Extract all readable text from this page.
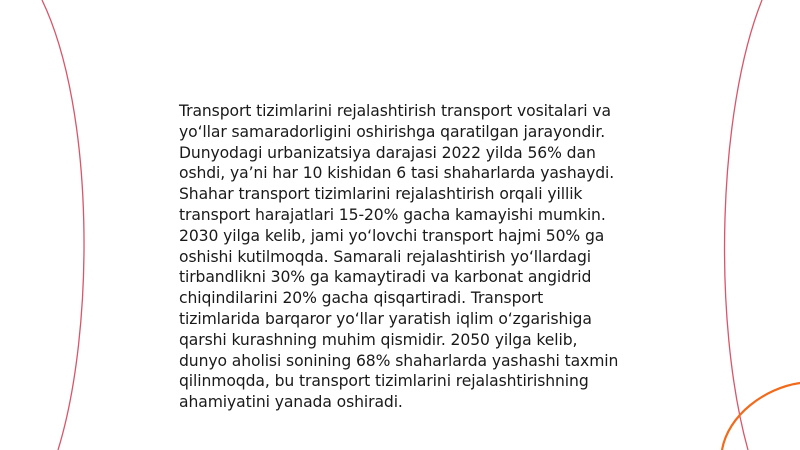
Transport tizimlarini rejalashtirish transport vositalari va yo‘llar samaradorligini oshirishga qaratilgan jarayondir. Dunyodagi urbanizatsiya darajasi 2022 yilda 56% dan oshdi, ya’ni har 10 kishidan 6 tasi shaharlarda yashaydi. Shahar transport tizimlarini rejalashtirish orqali yillik transport harajatlari 15-20% gacha kamayishi mumkin. 2030 yilga kelib, jami yo‘lovchi transport hajmi 50% ga oshishi kutilmoqda. Samarali rejalashtirish yo‘llardagi tirbandlikni 30% ga kamaytiradi va karbonat angidrid chiqindilarini 20% gacha qisqartiradi. Transport tizimlarida barqaror yo‘llar yaratish iqlim o‘zgarishiga qarshi kurashning muhim qismidir. 2050 yilga kelib, dunyo aholisi sonining 68% shaharlarda yashashi taxmin qilinmoqda, bu transport tizimlarini rejalashtirishning ahamiyatini yanada oshiradi.
